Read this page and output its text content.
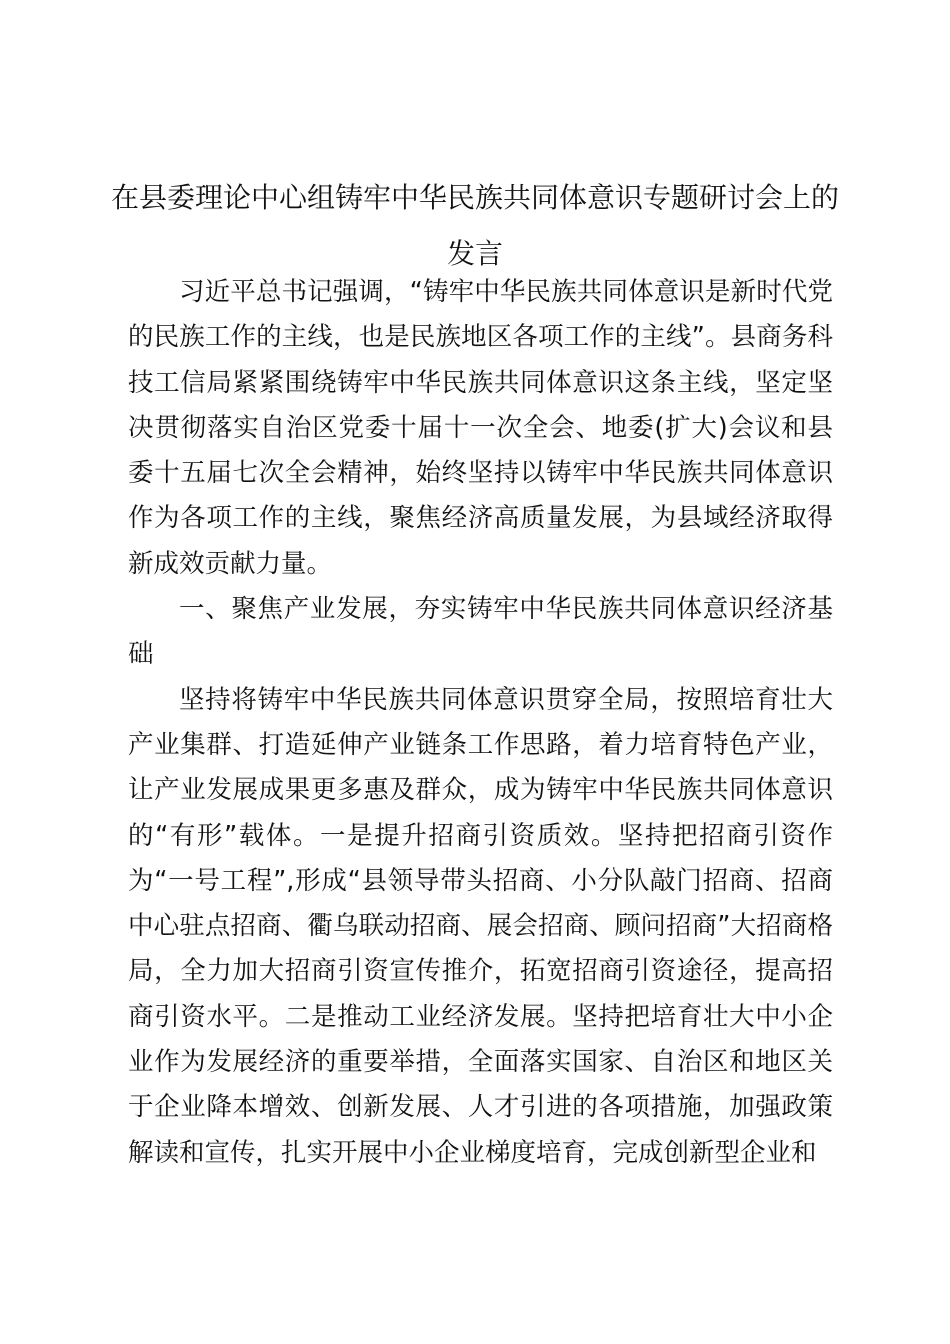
在县委理论中心组铸牢中华民族共同体意识专题研讨会上的发言

习近平总书记强调，“铸牢中华民族共同体意识是新时代党的民族工作的主线，也是民族地区各项工作的主线”。县商务科技工信局紧紧围绕铸牢中华民族共同体意识这条主线，坚定坚决贯彻落实自治区党委十届十一次全会、地委(扩大)会议和县委十五届七次全会精神，始终坚持以铸牢中华民族共同体意识作为各项工作的主线，聚焦经济高质量发展，为县域经济取得新成效贡献力量。

一、聚焦产业发展，夯实铸牢中华民族共同体意识经济基础

坚持将铸牢中华民族共同体意识贯穿全局，按照培育壮大产业集群、打造延伸产业链条工作思路，着力培育特色产业，让产业发展成果更多惠及群众，成为铸牢中华民族共同体意识的“有形”载体。一是提升招商引资质效。坚持把招商引资作为“一号工程”,形成“县领导带头招商、小分队敲门招商、招商中心驻点招商、衢乌联动招商、展会招商、顾问招商”大招商格局，全力加大招商引资宣传推介，拓宽招商引资途径，提高招商引资水平。二是推动工业经济发展。坚持把培育壮大中小企业作为发展经济的重要举措，全面落实国家、自治区和地区关于企业降本增效、创新发展、人才引进的各项措施，加强政策解读和宣传，扎实开展中小企业梯度培育，完成创新型企业和
